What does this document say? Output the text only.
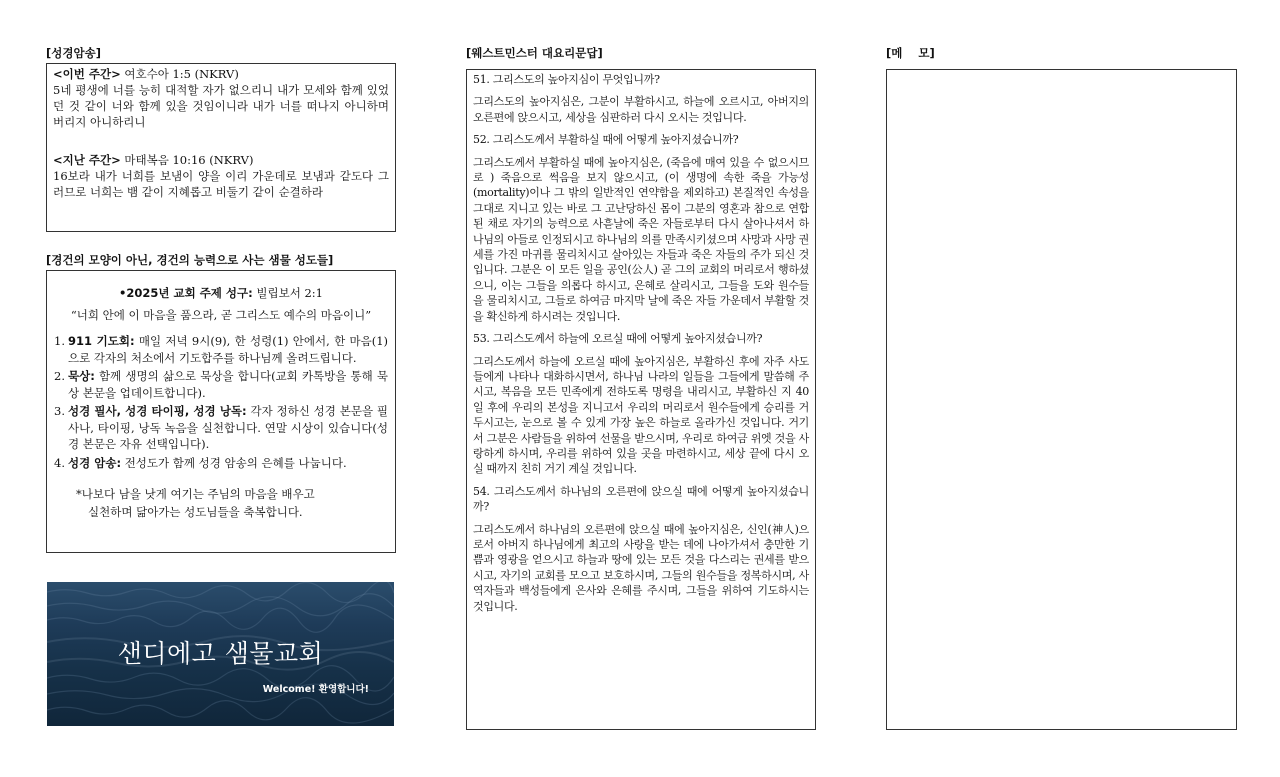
[성경암송]	[웨스트민스터 대요리문답]	[메    모]
[경건의 모양이 아닌, 경건의 능력으로 사는 샘물 성도들]
<이번 주간> 여호수아 1:5 (NKRV)
5네 평생에 너를 능히 대적할 자가 없으리니 내가 모세와 함께 있었던 것 같이 너와 함께 있을 것임이니라 내가 너를 떠나지 아니하며 버리지 아니하리니
<지난 주간> 마태복음 10:16 (NKRV)
16보라 내가 너희를 보냄이 양을 이리 가운데로 보냄과 같도다 그러므로 너희는 뱀 같이 지혜롭고 비둘기 같이 순결하라
•2025년 교회 주제 성구: 빌립보서 2:1
“너희 안에 이 마음을 품으라, 곧 그리스도 예수의 마음이니”
1. 911 기도회: 매일 저녁 9시(9), 한 성령(1) 안에서, 한 마음(1)으로 각자의 처소에서 기도합주를 하나님께 올려드립니다.
2. 묵상: 함께 생명의 삶으로 묵상을 합니다(교회 카톡방을 통해 묵상 본문을 업데이트합니다).
3. 성경 필사, 성경 타이핑, 성경 낭독: 각자 정하신 성경 본문을 필사나, 타이핑, 낭독 녹음을 실천합니다. 연말 시상이 있습니다(성경 본문은 자유 선택입니다).
4. 성경 암송: 전성도가 함께 성경 암송의 은혜를 나눕니다.
*나보다 남을 낫게 여기는 주님의 마음을 배우고
실천하며 닮아가는 성도님들을 축복합니다.
샌디에고 샘물교회
Welcome! 환영합니다!

51. 그리스도의 높아지심이 무엇입니까?

그리스도의 높아지심은, 그분이 부활하시고, 하늘에 오르시고, 아버지의 오른편에 앉으시고, 세상을 심판하러 다시 오시는 것입니다.

52. 그리스도께서 부활하실 때에 어떻게 높아지셨습니까?

그리스도께서 부활하실 때에 높아지심은, (죽음에 매여 있을 수 없으시므로 ) 죽음으로 썩음을 보지 않으시고, (이 생명에 속한 죽을 가능성(mortality)이나 그 밖의 일반적인 연약함을 제외하고) 본질적인 속성을 그대로 지니고 있는 바로 그 고난당하신 몸이 그분의 영혼과 참으로 연합된 채로 자기의 능력으로 사흗날에 죽은 자들로부터 다시 살아나셔서 하나님의 아들로 인정되시고 하나님의 의를 만족시키셨으며 사망과 사망 권세를 가진 마귀를 물리치시고 살아있는 자들과 죽은 자들의 주가 되신 것입니다. 그분은 이 모든 일을 공인(公人) 곧 그의 교회의 머리로서 행하셨으니, 이는 그들을 의롭다 하시고, 은혜로 살리시고, 그들을 도와 원수들을 물리치시고, 그들로 하여금 마지막 날에 죽은 자들 가운데서 부활할 것을 확신하게 하시려는 것입니다.

53. 그리스도께서 하늘에 오르실 때에 어떻게 높아지셨습니까?

그리스도께서 하늘에 오르실 때에 높아지심은, 부활하신 후에 자주 사도들에게 나타나 대화하시면서, 하나님 나라의 일들을 그들에게 말씀해 주시고, 복음을 모든 민족에게 전하도록 명령을 내리시고, 부활하신 지 40일 후에 우리의 본성을 지니고서 우리의 머리로서 원수들에게 승리를 거두시고는, 눈으로 볼 수 있게 가장 높은 하늘로 올라가신 것입니다. 거기서 그분은 사람들을 위하여 선물을 받으시며, 우리로 하여금 위엣 것을 사랑하게 하시며, 우리를 위하여 있을 곳을 마련하시고, 세상 끝에 다시 오실 때까지 친히 거기 계실 것입니다.

54. 그리스도께서 하나님의 오른편에 앉으실 때에 어떻게 높아지셨습니까?

그리스도께서 하나님의 오른편에 앉으실 때에 높아지심은, 신인(神人)으로서 아버지 하나님에게 최고의 사랑을 받는 데에 나아가셔서 충만한 기쁨과 영광을 얻으시고 하늘과 땅에 있는 모든 것을 다스리는 권세를 받으시고, 자기의 교회를 모으고 보호하시며, 그들의 원수들을 정복하시며, 사역자들과 백성들에게 은사와 은혜를 주시며, 그들을 위하여 기도하시는 것입니다.
